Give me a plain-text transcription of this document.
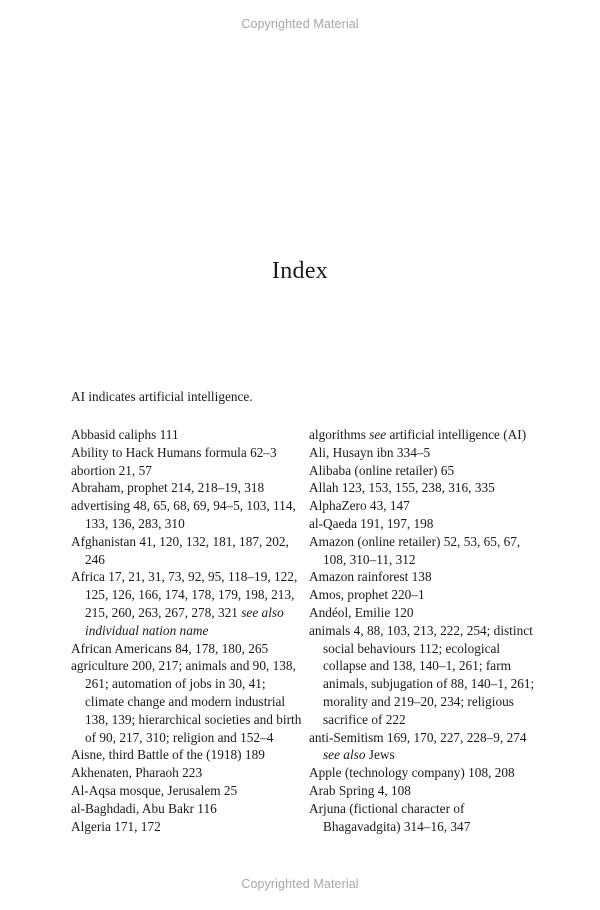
Copyrighted Material
Index
AI indicates artificial intelligence.
Abbasid caliphs 111
Ability to Hack Humans formula 62–3
abortion 21, 57
Abraham, prophet 214, 218–19, 318
advertising 48, 65, 68, 69, 94–5, 103, 114, 133, 136, 283, 310
Afghanistan 41, 120, 132, 181, 187, 202, 246
Africa 17, 21, 31, 73, 92, 95, 118–19, 122, 125, 126, 166, 174, 178, 179, 198, 213, 215, 260, 263, 267, 278, 321 see also individual nation name
African Americans 84, 178, 180, 265
agriculture 200, 217; animals and 90, 138, 261; automation of jobs in 30, 41; climate change and modern industrial 138, 139; hierarchical societies and birth of 90, 217, 310; religion and 152–4
Aisne, third Battle of the (1918) 189
Akhenaten, Pharaoh 223
Al-Aqsa mosque, Jerusalem 25
al-Baghdadi, Abu Bakr 116
Algeria 171, 172
algorithms see artificial intelligence (AI)
Ali, Husayn ibn 334–5
Alibaba (online retailer) 65
Allah 123, 153, 155, 238, 316, 335
AlphaZero 43, 147
al-Qaeda 191, 197, 198
Amazon (online retailer) 52, 53, 65, 67, 108, 310–11, 312
Amazon rainforest 138
Amos, prophet 220–1
Andéol, Emilie 120
animals 4, 88, 103, 213, 222, 254; distinct social behaviours 112; ecological collapse and 138, 140–1, 261; farm animals, subjugation of 88, 140–1, 261; morality and 219–20, 234; religious sacrifice of 222
anti-Semitism 169, 170, 227, 228–9, 274 see also Jews
Apple (technology company) 108, 208
Arab Spring 4, 108
Arjuna (fictional character of Bhagavadgita) 314–16, 347
Copyrighted Material
